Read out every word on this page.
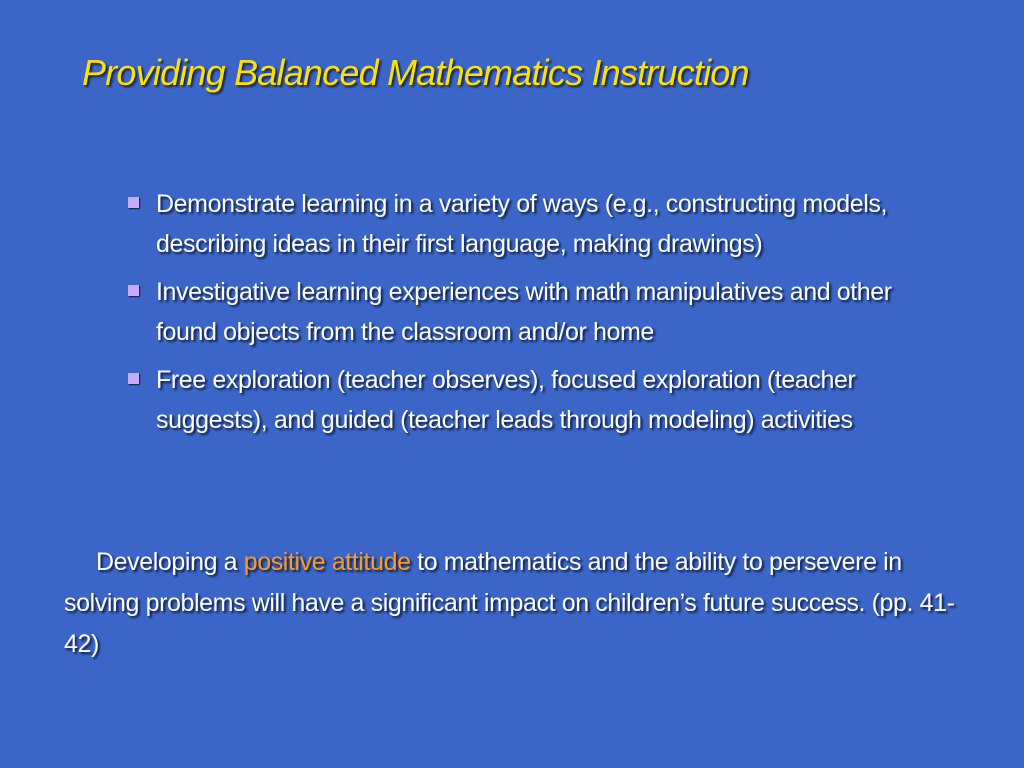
Providing Balanced Mathematics Instruction
Demonstrate learning in a variety of ways (e.g., constructing models, describing ideas in their first language, making drawings)
Investigative learning experiences with math manipulatives and other found objects from the classroom and/or home
Free exploration (teacher observes), focused exploration (teacher suggests), and guided (teacher leads through modeling) activities

Developing a positive attitude to mathematics and the ability to persevere in solving problems will have a significant impact on children’s future success. (pp. 41-42)
